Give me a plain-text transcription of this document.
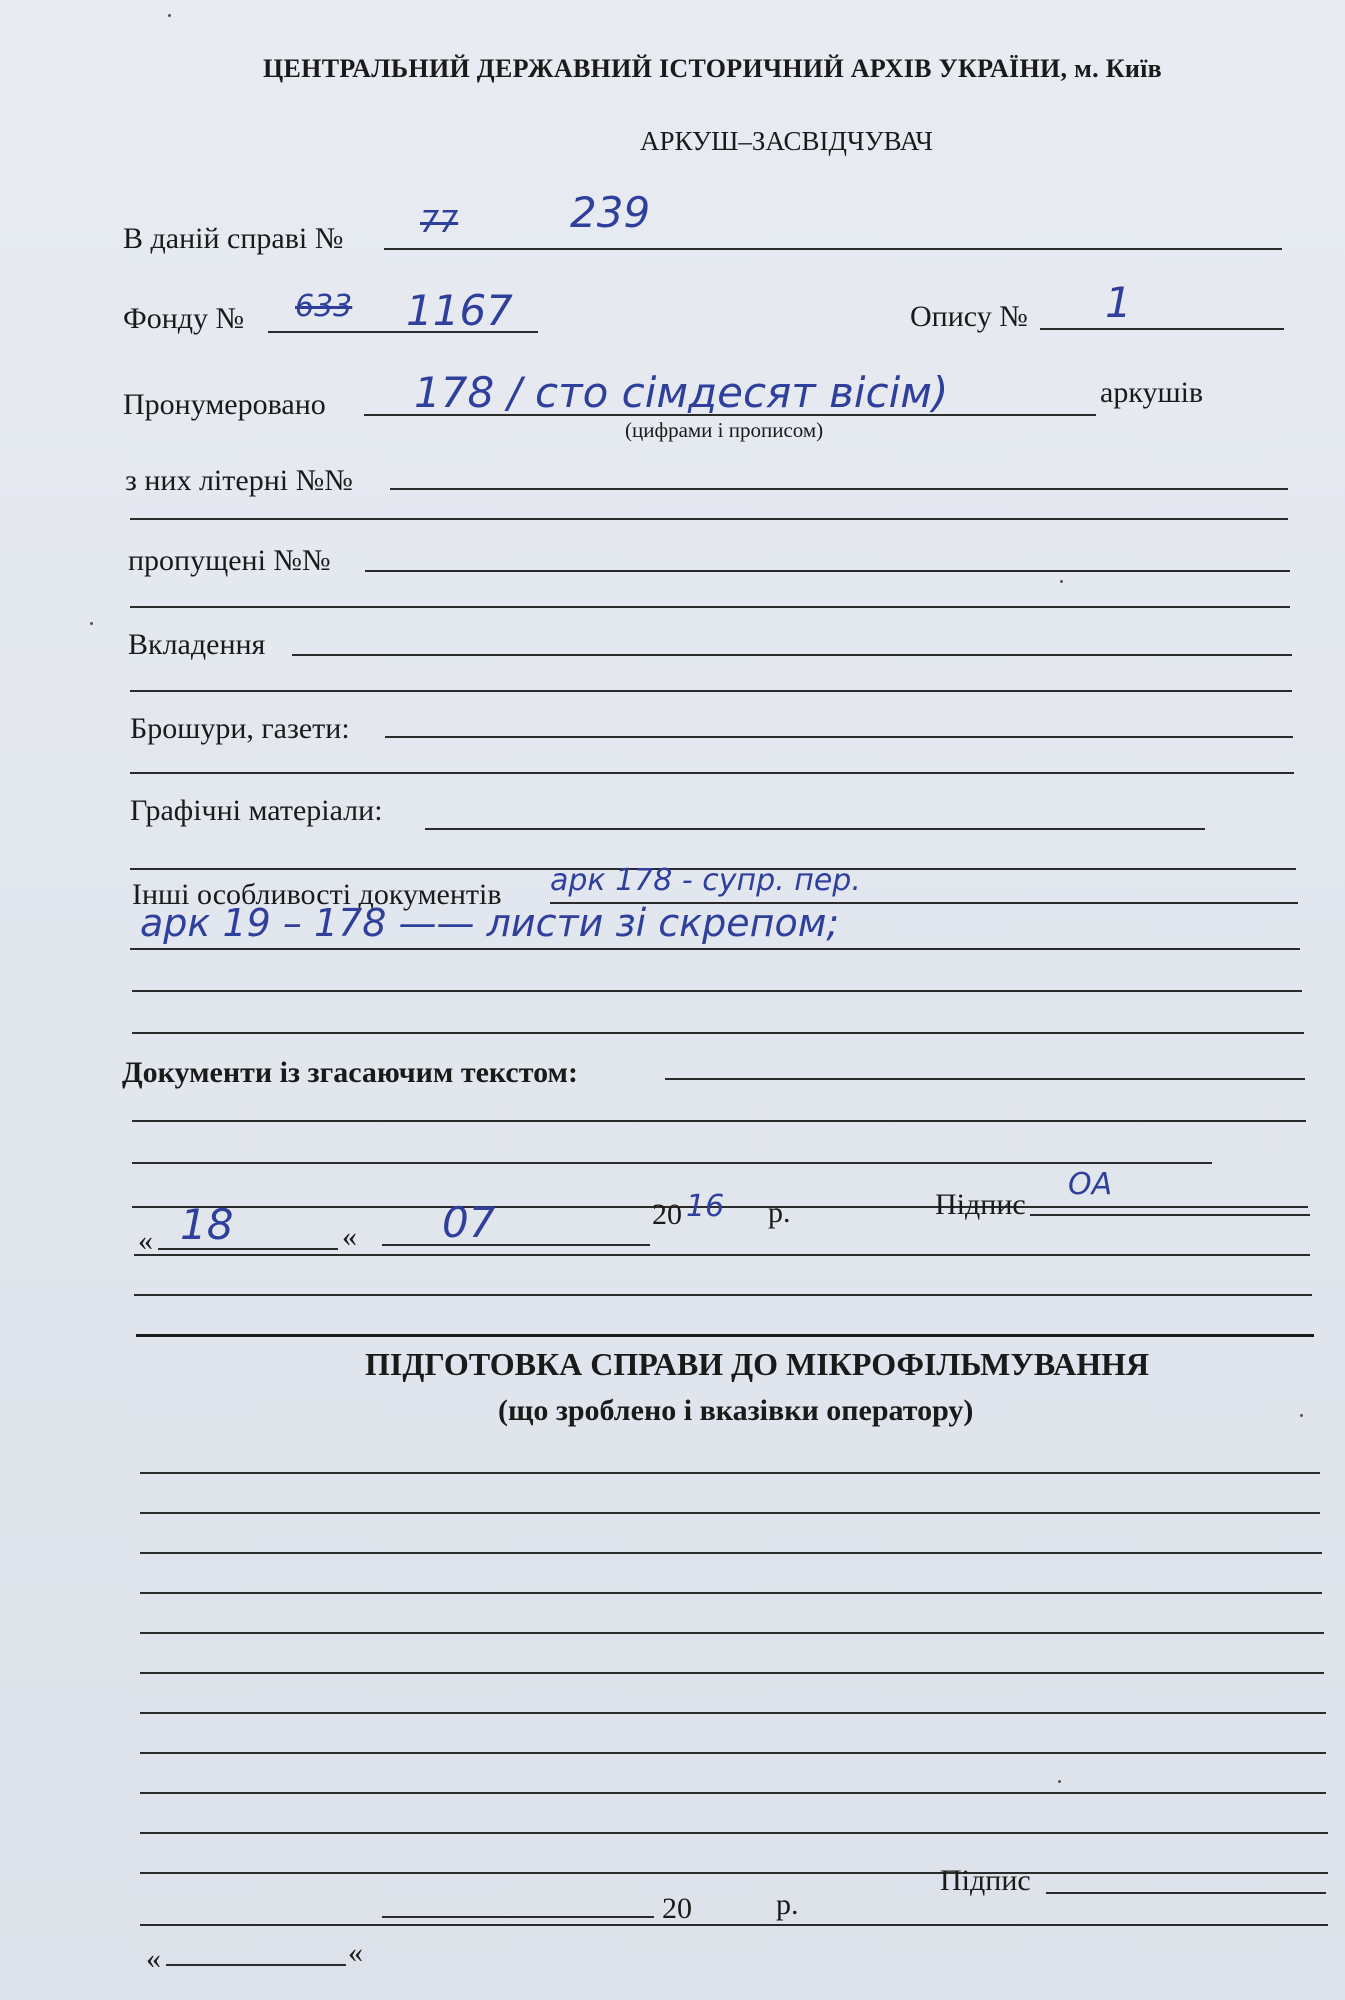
ЦЕНТРАЛЬНИЙ ДЕРЖАВНИЙ ІСТОРИЧНИЙ АРХІВ УКРАЇНИ, м. Київ
АРКУШ–ЗАСВІДЧУВАЧ
В даній справі №	77	239
Фонду № 633 1167	Опису № 1
Пронумеровано 178 / сто сімдесят вісім)	аркушів
(цифрами і прописом)
з них літерні №№
пропущені №№
Вкладення
Брошури, газети:
Графічні матеріали:
Інші особливості документів арк 178 - супр. пер.
арк 19 – 178 —— листи зі скрепом;
Документи із згасаючим текстом:
« 18	« 07	20 16 р.	Підпис
ОА
ПІДГОТОВКА СПРАВИ ДО МІКРОФІЛЬМУВАННЯ
(що зроблено і вказівки оператору)
Підпис
20	р.
«	«
